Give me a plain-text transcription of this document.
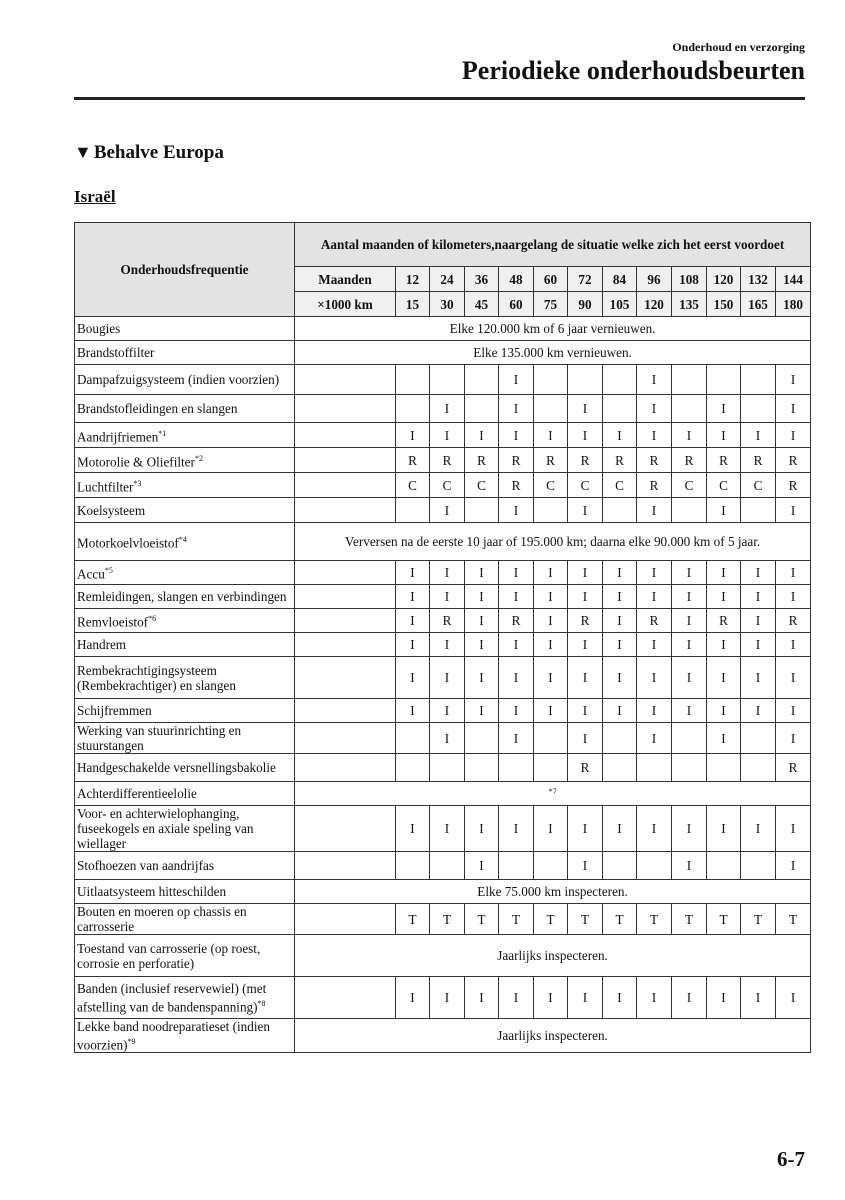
Onderhoud en verzorging
Periodieke onderhoudsbeurten
▼ Behalve Europa
Israël
Onderhoudsfrequentie	Aantal maanden of kilometers,naargelang de situatie welke zich het eerst voordoet												
	Maanden	12	24	36	48	60	72	84	96	108	120	132	144
	×1000 km	15	30	45	60	75	90	105	120	135	150	165	180
Bougies	Elke 120.000 km of 6 jaar vernieuwen.												
Brandstoffilter	Elke 135.000 km vernieuwen.												
Dampafzuigsysteem (indien voorzien)					I				I				I
Brandstofleidingen en slangen			I		I		I		I		I		I
Aandrijfriemen$^{*1}$		I	I	I	I	I	I	I	I	I	I	I	I
Motorolie & Oliefilter$^{*2}$		R	R	R	R	R	R	R	R	R	R	R	R
Luchtfilter$^{*3}$		C	C	C	R	C	C	C	R	C	C	C	R
Koelsysteem			I		I		I		I		I		I
Motorkoelvloeistof$^{*4}$	Verversen na de eerste 10 jaar of 195.000 km; daarna elke 90.000 km of 5 jaar.												
Accu$^{*5}$		I	I	I	I	I	I	I	I	I	I	I	I
Remleidingen, slangen en verbindingen		I	I	I	I	I	I	I	I	I	I	I	I
Remvloeistof$^{*6}$		I	R	I	R	I	R	I	R	I	R	I	R
Handrem		I	I	I	I	I	I	I	I	I	I	I	I
Rembekrachtigingsysteem (Rembekrachtiger) en slangen		I	I	I	I	I	I	I	I	I	I	I	I
Schijfremmen		I	I	I	I	I	I	I	I	I	I	I	I
Werking van stuurinrichting en stuurstangen			I		I		I		I		I		I
Handgeschakelde versnellingsbakolie							R						R
Achterdifferentieelolie	$^{*7}$
Voor- en achterwielophanging, fuseekogels en axiale speling van wiellager		I	I	I	I	I	I	I	I	I	I	I	I
Stofhoezen van aandrijfas				I			I			I			I
Uitlaatsysteem hitteschilden	Elke 75.000 km inspecteren.												
Bouten en moeren op chassis en carrosserie		T	T	T	T	T	T	T	T	T	T	T	T
Toestand van carrosserie (op roest, corrosie en perforatie)	Jaarlijks inspecteren.												
Banden (inclusief reservewiel) (met afstelling van de bandenspanning)$^{*8}$		I	I	I	I	I	I	I	I	I	I	I	I
Lekke band noodreparatieset (indien voorzien)$^{*9}$	Jaarlijks inspecteren.												
6-7
